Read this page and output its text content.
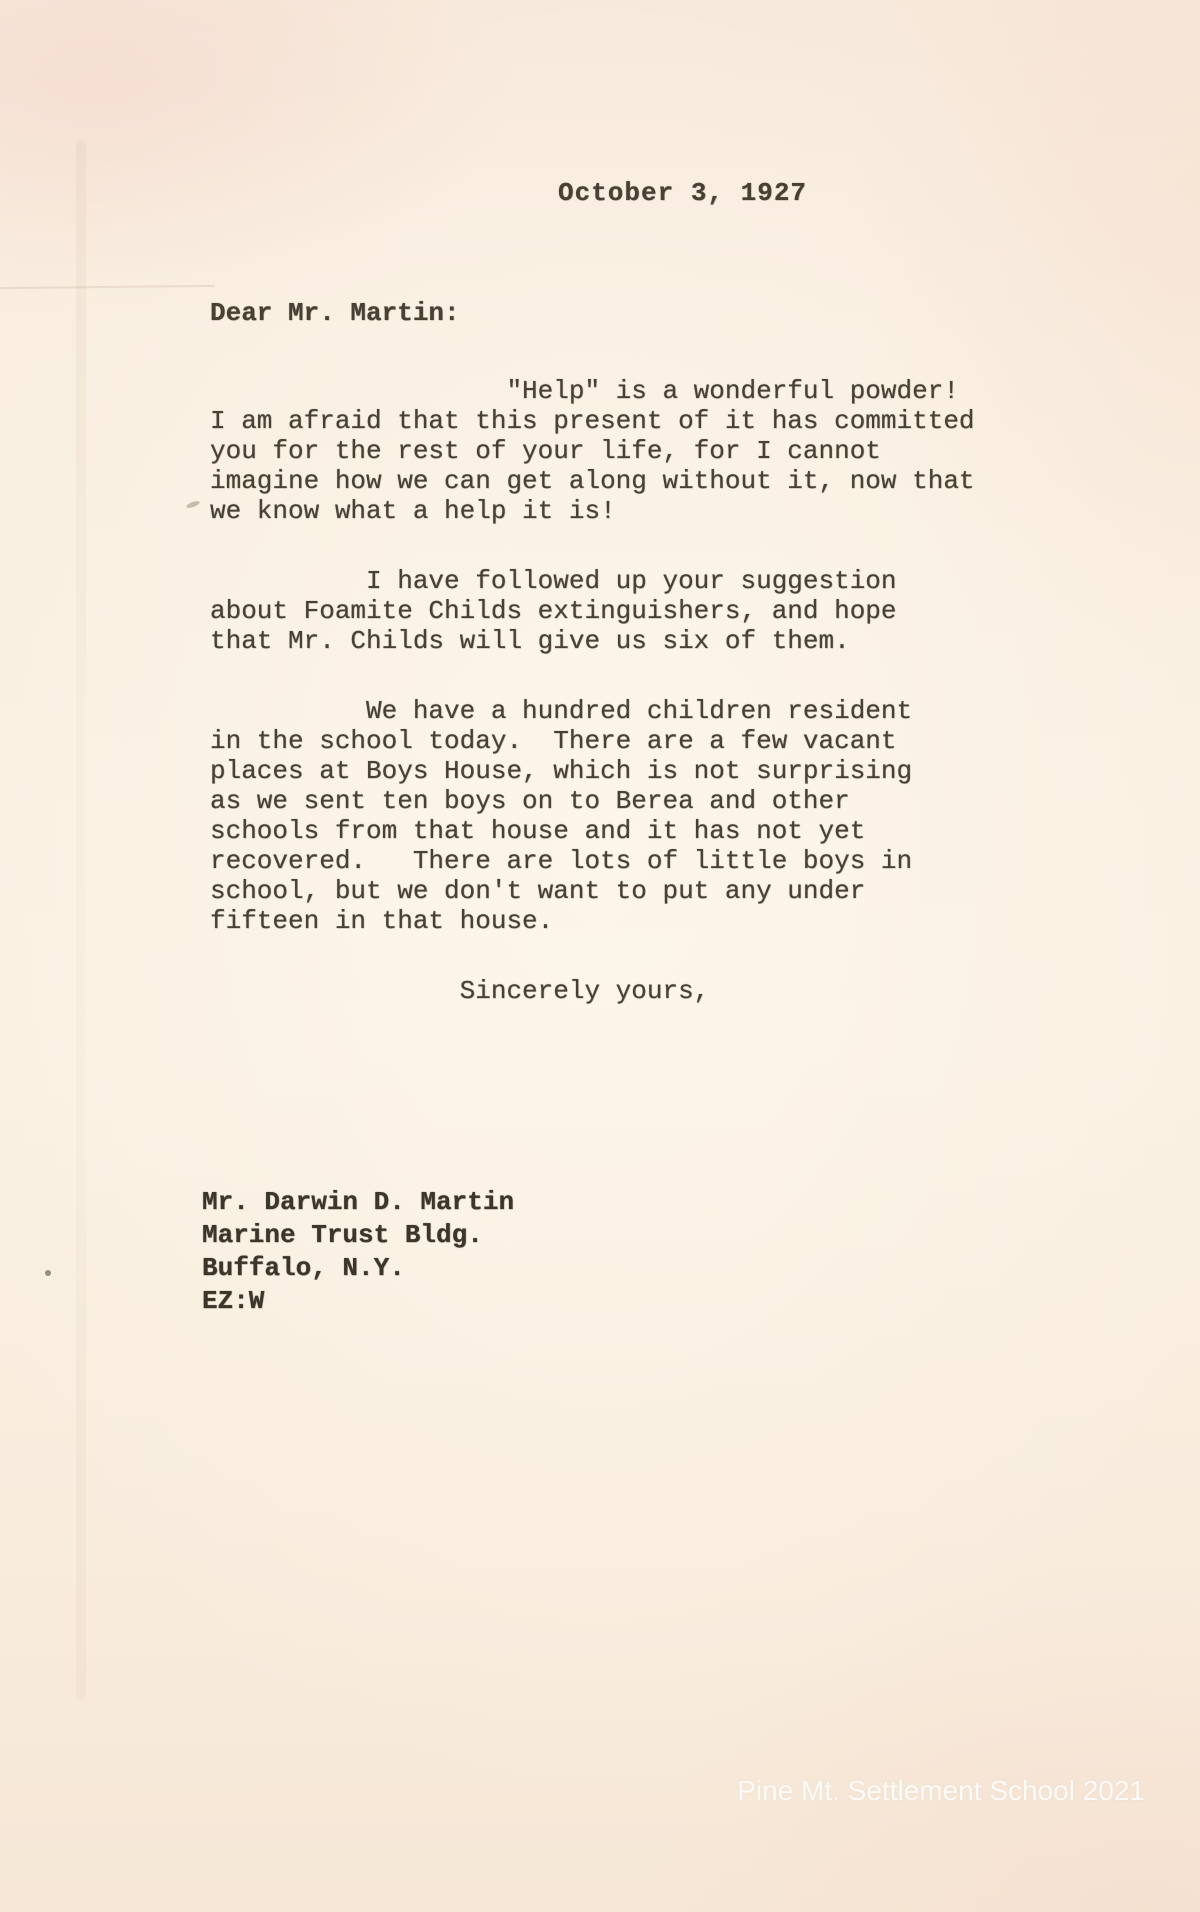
October 3, 1927
Dear Mr. Martin:
"Help" is a wonderful powder!
I am afraid that this present of it has committed
you for the rest of your life, for I cannot
imagine how we can get along without it, now that
we know what a help it is!
I have followed up your suggestion
about Foamite Childs extinguishers, and hope
that Mr. Childs will give us six of them.
We have a hundred children resident
in the school today.  There are a few vacant
places at Boys House, which is not surprising
as we sent ten boys on to Berea and other
schools from that house and it has not yet
recovered.   There are lots of little boys in
school, but we don't want to put any under
fifteen in that house.
Sincerely yours,
Mr. Darwin D. Martin
Marine Trust Bldg.
Buffalo, N.Y.
EZ:W
Pine Mt. Settlement School 2021
